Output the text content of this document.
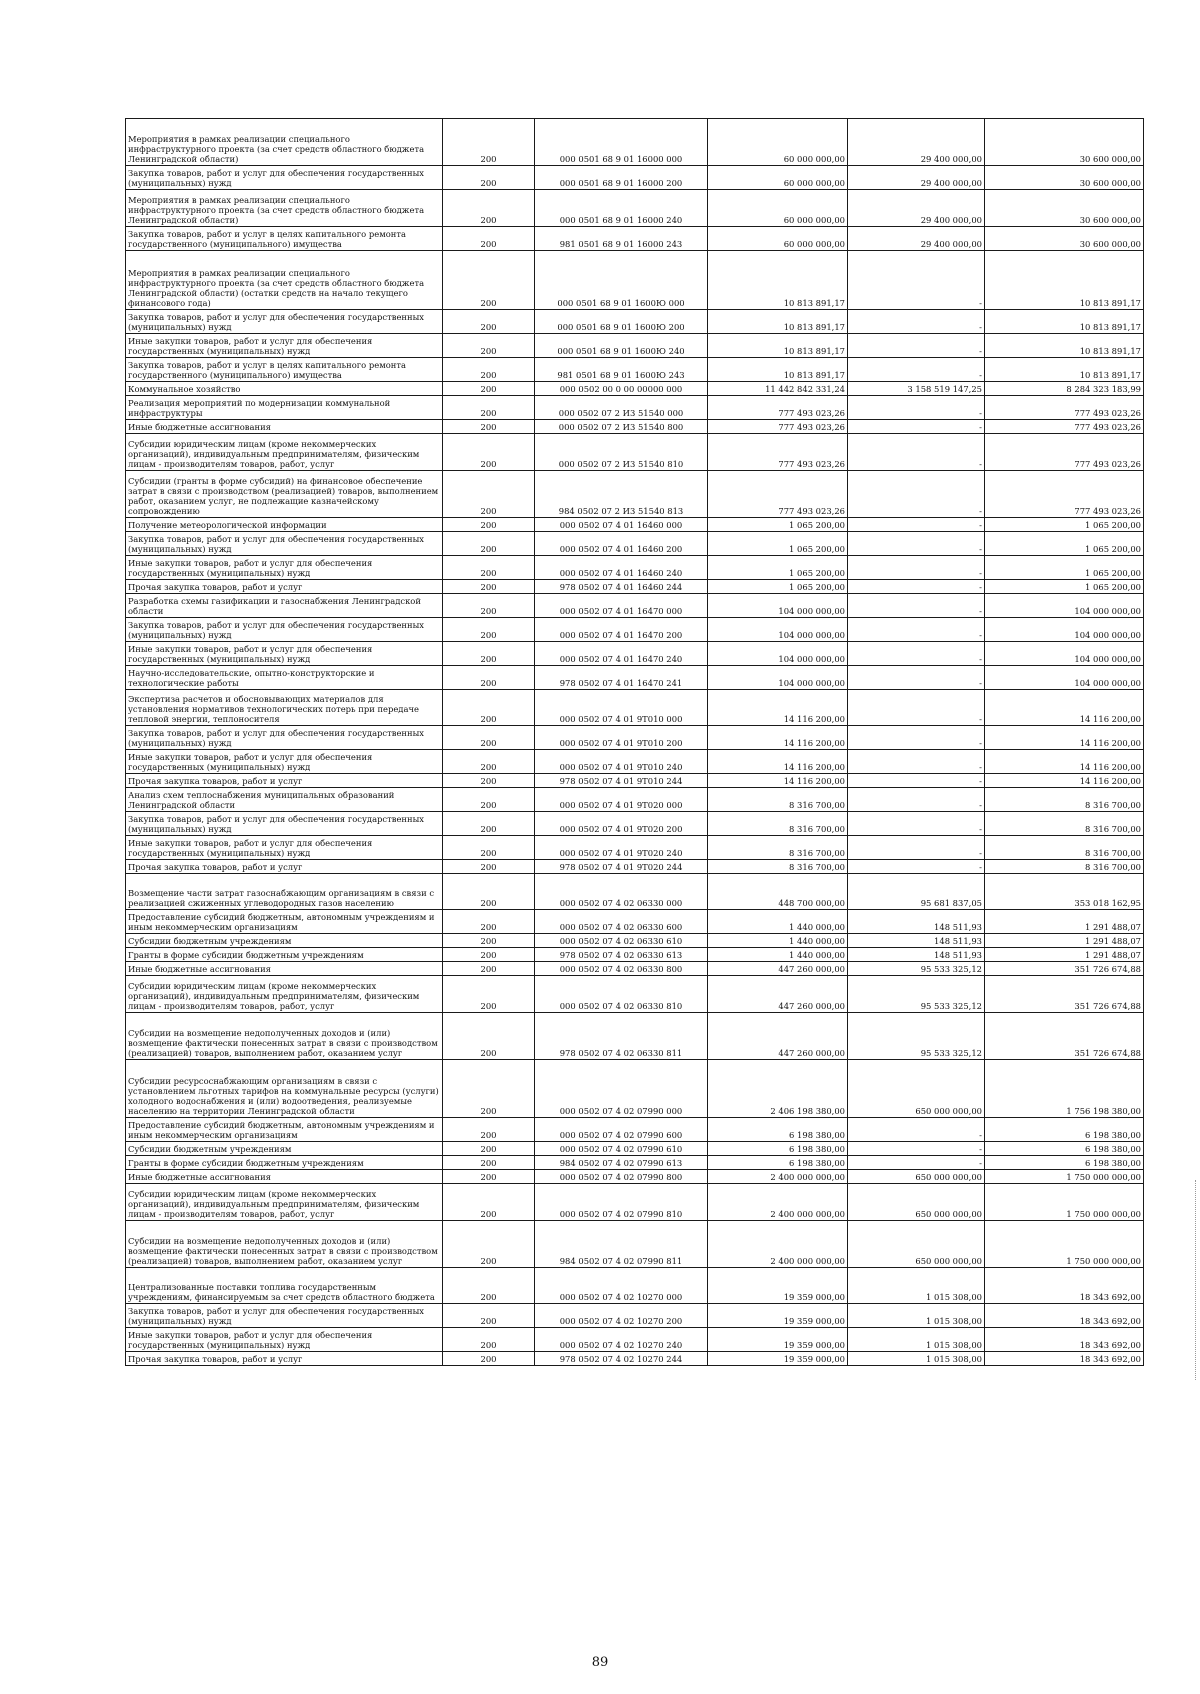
Мероприятия в рамках реализации специального инфраструктурного проекта (за счет средств областного бюджета Ленинградской области)	200	000 0501 68 9 01 16000 000	60 000 000,00	29 400 000,00	30 600 000,00
Закупка товаров, работ и услуг для обеспечения государственных (муниципальных) нужд	200	000 0501 68 9 01 16000 200	60 000 000,00	29 400 000,00	30 600 000,00
Мероприятия в рамках реализации специального инфраструктурного проекта (за счет средств областного бюджета Ленинградской области)	200	000 0501 68 9 01 16000 240	60 000 000,00	29 400 000,00	30 600 000,00
Закупка товаров, работ и услуг в целях капитального ремонта государственного (муниципального) имущества	200	981 0501 68 9 01 16000 243	60 000 000,00	29 400 000,00	30 600 000,00
Мероприятия в рамках реализации специального инфраструктурного проекта (за счет средств областного бюджета Ленинградской области) (остатки средств на начало текущего финансового года)	200	000 0501 68 9 01 1600Ю 000	10 813 891,17	-	10 813 891,17
Закупка товаров, работ и услуг для обеспечения государственных (муниципальных) нужд	200	000 0501 68 9 01 1600Ю 200	10 813 891,17	-	10 813 891,17
Иные закупки товаров, работ и услуг для обеспечения государственных (муниципальных) нужд	200	000 0501 68 9 01 1600Ю 240	10 813 891,17	-	10 813 891,17
Закупка товаров, работ и услуг в целях капитального ремонта государственного (муниципального) имущества	200	981 0501 68 9 01 1600Ю 243	10 813 891,17	-	10 813 891,17
Коммунальное хозяйство	200	000 0502 00 0 00 00000 000	11 442 842 331,24	3 158 519 147,25	8 284 323 183,99
Реализация мероприятий по модернизации коммунальной инфраструктуры	200	000 0502 07 2 И3 51540 000	777 493 023,26	-	777 493 023,26
Иные бюджетные ассигнования	200	000 0502 07 2 И3 51540 800	777 493 023,26	-	777 493 023,26
Субсидии юридическим лицам (кроме некоммерческих организаций), индивидуальным предпринимателям, физическим лицам - производителям товаров, работ, услуг	200	000 0502 07 2 И3 51540 810	777 493 023,26	-	777 493 023,26
Субсидии (гранты в форме субсидий) на финансовое обеспечение затрат в связи с производством (реализацией) товаров, выполнением работ, оказанием услуг, не подлежащие казначейскому сопровождению	200	984 0502 07 2 И3 51540 813	777 493 023,26	-	777 493 023,26
Получение метеорологической информации	200	000 0502 07 4 01 16460 000	1 065 200,00	-	1 065 200,00
Закупка товаров, работ и услуг для обеспечения государственных (муниципальных) нужд	200	000 0502 07 4 01 16460 200	1 065 200,00	-	1 065 200,00
Иные закупки товаров, работ и услуг для обеспечения государственных (муниципальных) нужд	200	000 0502 07 4 01 16460 240	1 065 200,00	-	1 065 200,00
Прочая закупка товаров, работ и услуг	200	978 0502 07 4 01 16460 244	1 065 200,00	-	1 065 200,00
Разработка схемы газификации и газоснабжения Ленинградской области	200	000 0502 07 4 01 16470 000	104 000 000,00	-	104 000 000,00
Закупка товаров, работ и услуг для обеспечения государственных (муниципальных) нужд	200	000 0502 07 4 01 16470 200	104 000 000,00	-	104 000 000,00
Иные закупки товаров, работ и услуг для обеспечения государственных (муниципальных) нужд	200	000 0502 07 4 01 16470 240	104 000 000,00	-	104 000 000,00
Научно-исследовательские, опытно-конструкторские и технологические работы	200	978 0502 07 4 01 16470 241	104 000 000,00	-	104 000 000,00
Экспертиза расчетов и обосновывающих материалов для установления нормативов технологических потерь при передаче тепловой энергии, теплоносителя	200	000 0502 07 4 01 9Т010 000	14 116 200,00	-	14 116 200,00
Закупка товаров, работ и услуг для обеспечения государственных (муниципальных) нужд	200	000 0502 07 4 01 9Т010 200	14 116 200,00	-	14 116 200,00
Иные закупки товаров, работ и услуг для обеспечения государственных (муниципальных) нужд	200	000 0502 07 4 01 9Т010 240	14 116 200,00	-	14 116 200,00
Прочая закупка товаров, работ и услуг	200	978 0502 07 4 01 9Т010 244	14 116 200,00	-	14 116 200,00
Анализ схем теплоснабжения муниципальных образований Ленинградской области	200	000 0502 07 4 01 9Т020 000	8 316 700,00	-	8 316 700,00
Закупка товаров, работ и услуг для обеспечения государственных (муниципальных) нужд	200	000 0502 07 4 01 9Т020 200	8 316 700,00	-	8 316 700,00
Иные закупки товаров, работ и услуг для обеспечения государственных (муниципальных) нужд	200	000 0502 07 4 01 9Т020 240	8 316 700,00	-	8 316 700,00
Прочая закупка товаров, работ и услуг	200	978 0502 07 4 01 9Т020 244	8 316 700,00	-	8 316 700,00
Возмещение части затрат газоснабжающим организациям в связи с реализацией сжиженных углеводородных газов населению	200	000 0502 07 4 02 06330 000	448 700 000,00	95 681 837,05	353 018 162,95
Предоставление субсидий бюджетным, автономным учреждениям и иным некоммерческим организациям	200	000 0502 07 4 02 06330 600	1 440 000,00	148 511,93	1 291 488,07
Субсидии бюджетным учреждениям	200	000 0502 07 4 02 06330 610	1 440 000,00	148 511,93	1 291 488,07
Гранты в форме субсидии бюджетным учреждениям	200	978 0502 07 4 02 06330 613	1 440 000,00	148 511,93	1 291 488,07
Иные бюджетные ассигнования	200	000 0502 07 4 02 06330 800	447 260 000,00	95 533 325,12	351 726 674,88
Субсидии юридическим лицам (кроме некоммерческих организаций), индивидуальным предпринимателям, физическим лицам - производителям товаров, работ, услуг	200	000 0502 07 4 02 06330 810	447 260 000,00	95 533 325,12	351 726 674,88
Субсидии на возмещение недополученных доходов и (или) возмещение фактически понесенных затрат в связи с производством (реализацией) товаров, выполнением работ, оказанием услуг	200	978 0502 07 4 02 06330 811	447 260 000,00	95 533 325,12	351 726 674,88
Субсидии ресурсоснабжающим организациям в связи с установлением льготных тарифов на коммунальные ресурсы (услуги) холодного водоснабжения и (или) водоотведения, реализуемые населению на территории Ленинградской области	200	000 0502 07 4 02 07990 000	2 406 198 380,00	650 000 000,00	1 756 198 380,00
Предоставление субсидий бюджетным, автономным учреждениям и иным некоммерческим организациям	200	000 0502 07 4 02 07990 600	6 198 380,00	-	6 198 380,00
Субсидии бюджетным учреждениям	200	000 0502 07 4 02 07990 610	6 198 380,00	-	6 198 380,00
Гранты в форме субсидии бюджетным учреждениям	200	984 0502 07 4 02 07990 613	6 198 380,00	-	6 198 380,00
Иные бюджетные ассигнования	200	000 0502 07 4 02 07990 800	2 400 000 000,00	650 000 000,00	1 750 000 000,00
Субсидии юридическим лицам (кроме некоммерческих организаций), индивидуальным предпринимателям, физическим лицам - производителям товаров, работ, услуг	200	000 0502 07 4 02 07990 810	2 400 000 000,00	650 000 000,00	1 750 000 000,00
Субсидии на возмещение недополученных доходов и (или) возмещение фактически понесенных затрат в связи с производством (реализацией) товаров, выполнением работ, оказанием услуг	200	984 0502 07 4 02 07990 811	2 400 000 000,00	650 000 000,00	1 750 000 000,00
Централизованные поставки топлива государственным учреждениям, финансируемым за счет средств областного бюджета	200	000 0502 07 4 02 10270 000	19 359 000,00	1 015 308,00	18 343 692,00
Закупка товаров, работ и услуг для обеспечения государственных (муниципальных) нужд	200	000 0502 07 4 02 10270 200	19 359 000,00	1 015 308,00	18 343 692,00
Иные закупки товаров, работ и услуг для обеспечения государственных (муниципальных) нужд	200	000 0502 07 4 02 10270 240	19 359 000,00	1 015 308,00	18 343 692,00
Прочая закупка товаров, работ и услуг	200	978 0502 07 4 02 10270 244	19 359 000,00	1 015 308,00	18 343 692,00
89
